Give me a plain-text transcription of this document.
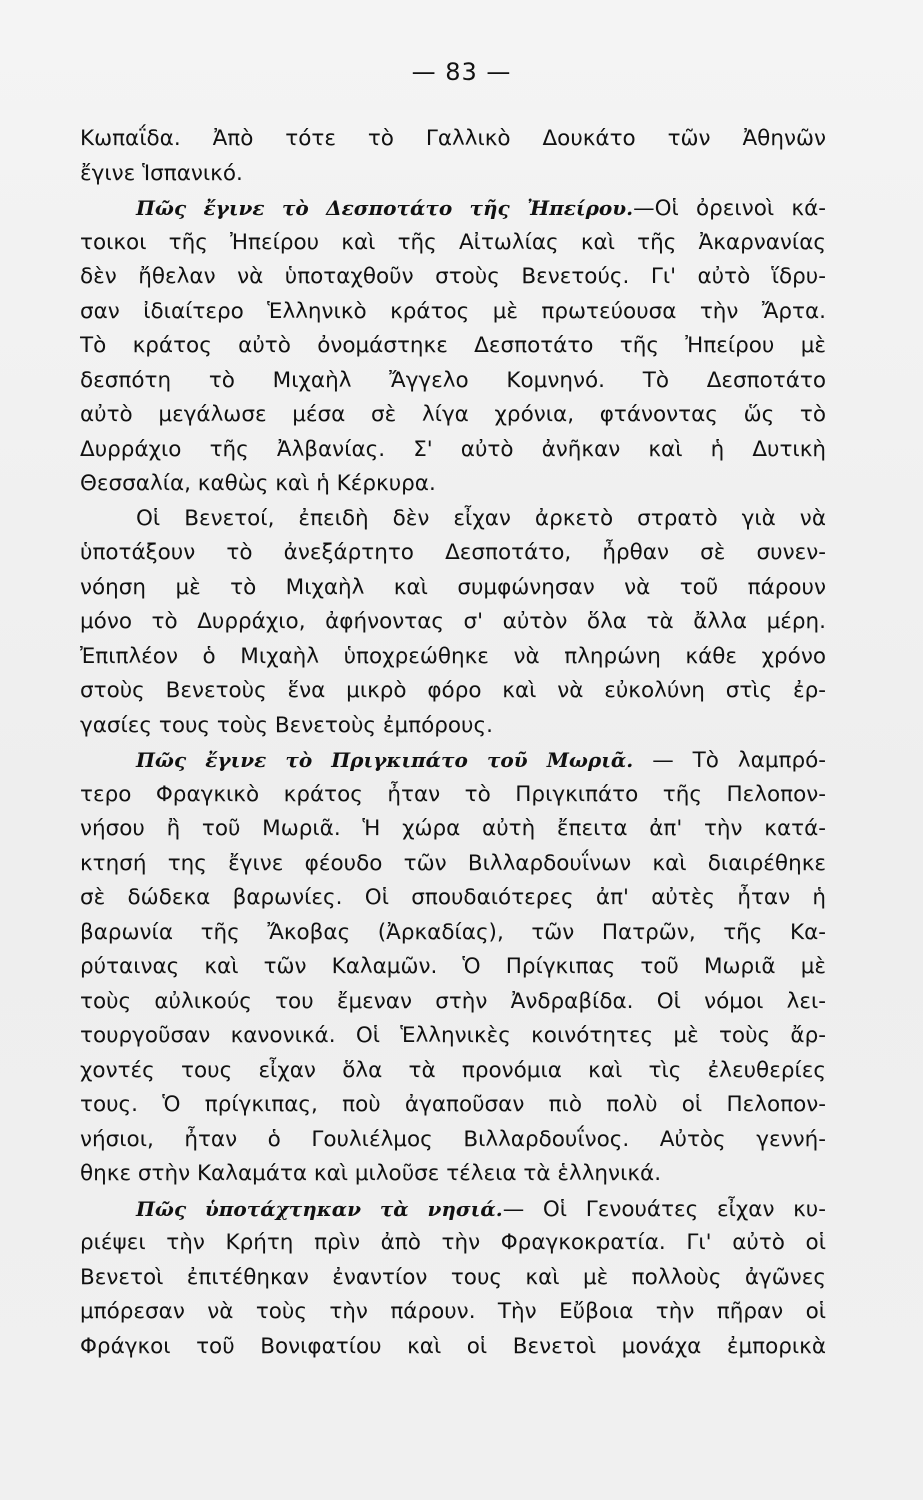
— 83 —
Κωπαΐδα. Ἀπὸ τότε τὸ Γαλλικὸ Δουκάτο τῶν Ἀθηνῶν
ἔγινε Ἱσπανικό.
Πῶς ἔγινε τὸ Δεσποτάτο τῆς Ἠπείρου.—Οἱ ὀρεινοὶ κά-
τοικοι τῆς Ἠπείρου καὶ τῆς Αἰτωλίας καὶ τῆς Ἀκαρνανίας
δὲν ἤθελαν νὰ ὑποταχθοῦν στοὺς Βενετούς. Γι' αὐτὸ ἵδρυ-
σαν ἰδιαίτερο Ἑλληνικὸ κράτος μὲ πρωτεύουσα τὴν Ἄρτα.
Τὸ κράτος αὐτὸ ὀνομάστηκε Δεσποτάτο τῆς Ἠπείρου μὲ
δεσπότη τὸ Μιχαὴλ Ἄγγελο Κομνηνό. Τὸ Δεσποτάτο
αὐτὸ μεγάλωσε μέσα σὲ λίγα χρόνια, φτάνοντας ὥς τὸ
Δυρράχιο τῆς Ἀλβανίας. Σ' αὐτὸ ἀνῆκαν καὶ ἡ Δυτικὴ
Θεσσαλία, καθὼς καὶ ἡ Κέρκυρα.
Οἱ Βενετοί, ἐπειδὴ δὲν εἶχαν ἀρκετὸ στρατὸ γιὰ νὰ
ὑποτάξουν τὸ ἀνεξάρτητο Δεσποτάτο, ἦρθαν σὲ συνεν-
νόηση μὲ τὸ Μιχαὴλ καὶ συμφώνησαν νὰ τοῦ πάρουν
μόνο τὸ Δυρράχιο, ἀφήνοντας σ' αὐτὸν ὅλα τὰ ἄλλα μέρη.
Ἐπιπλέον ὁ Μιχαὴλ ὑποχρεώθηκε νὰ πληρώνη κάθε χρόνο
στοὺς Βενετοὺς ἕνα μικρὸ φόρο καὶ νὰ εὐκολύνη στὶς ἐρ-
γασίες τους τοὺς Βενετοὺς ἐμπόρους.
Πῶς ἔγινε τὸ Πριγκιπάτο τοῦ Μωριᾶ. — Τὸ λαμπρό-
τερο Φραγκικὸ κράτος ἦταν τὸ Πριγκιπάτο τῆς Πελοπον-
νήσου ἢ τοῦ Μωριᾶ. Ἡ χώρα αὐτὴ ἔπειτα ἀπ' τὴν κατά-
κτησή της ἔγινε φέουδο τῶν Βιλλαρδουΐνων καὶ διαιρέθηκε
σὲ δώδεκα βαρωνίες. Οἱ σπουδαιότερες ἀπ' αὐτὲς ἦταν ἡ
βαρωνία τῆς Ἄκοβας (Ἀρκαδίας), τῶν Πατρῶν, τῆς Κα-
ρύταινας καὶ τῶν Καλαμῶν. Ὁ Πρίγκιπας τοῦ Μωριᾶ μὲ
τοὺς αὐλικούς του ἔμεναν στὴν Ἀνδραβίδα. Οἱ νόμοι λει-
τουργοῦσαν κανονικά. Οἱ Ἑλληνικὲς κοινότητες μὲ τοὺς ἄρ-
χοντές τους εἶχαν ὅλα τὰ προνόμια καὶ τὶς ἐλευθερίες
τους. Ὁ πρίγκιπας, ποὺ ἀγαποῦσαν πιὸ πολὺ οἱ Πελοπον-
νήσιοι, ἦταν ὁ Γουλιέλμος Βιλλαρδουΐνος. Αὐτὸς γεννή-
θηκε στὴν Καλαμάτα καὶ μιλοῦσε τέλεια τὰ ἑλληνικά.
Πῶς ὑποτάχτηκαν τὰ νησιά.— Οἱ Γενουάτες εἶχαν κυ-
ριέψει τὴν Κρήτη πρὶν ἀπὸ τὴν Φραγκοκρατία. Γι' αὐτὸ οἱ
Βενετοὶ ἐπιτέθηκαν ἐναντίον τους καὶ μὲ πολλοὺς ἀγῶνες
μπόρεσαν νὰ τοὺς τὴν πάρουν. Τὴν Εὔβοια τὴν πῆραν οἱ
Φράγκοι τοῦ Βονιφατίου καὶ οἱ Βενετοὶ μονάχα ἐμπορικὰ
